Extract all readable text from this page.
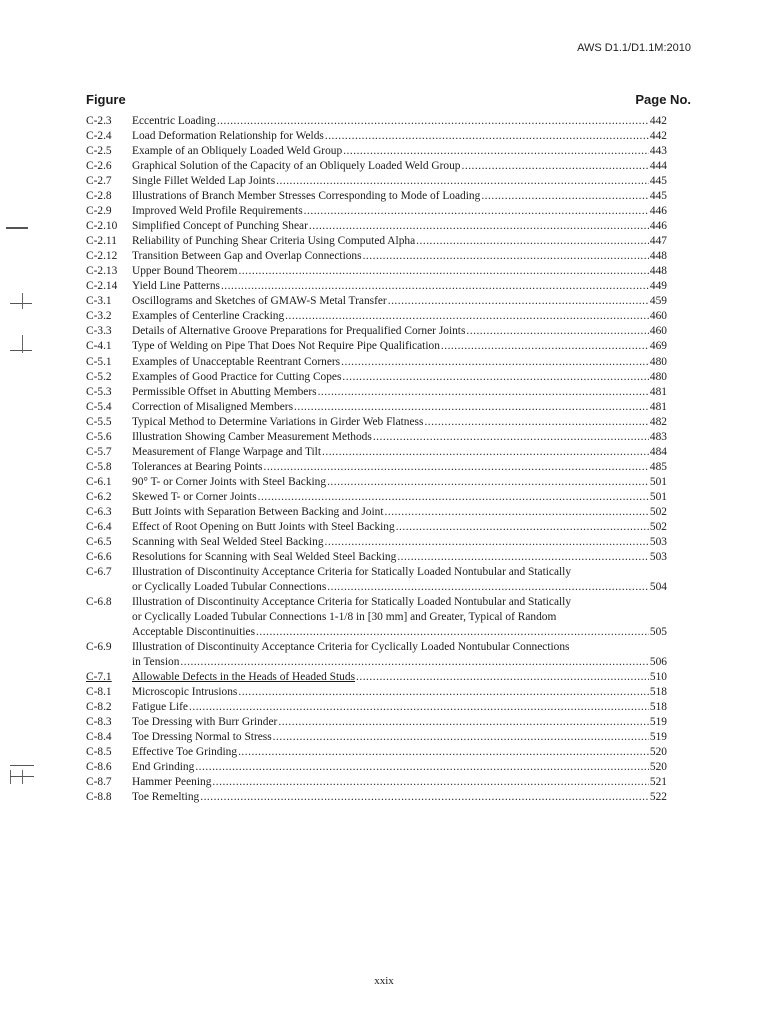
AWS D1.1/D1.1M:2010
Figure	Page No.
C-2.3	Eccentric Loading .....	442
C-2.4	Load Deformation Relationship for Welds .....	442
C-2.5	Example of an Obliquely Loaded Weld Group .....	443
C-2.6	Graphical Solution of the Capacity of an Obliquely Loaded Weld Group .....	444
C-2.7	Single Fillet Welded Lap Joints .....	445
C-2.8	Illustrations of Branch Member Stresses Corresponding to Mode of Loading .....	445
C-2.9	Improved Weld Profile Requirements .....	446
C-2.10	Simplified Concept of Punching Shear .....	446
C-2.11	Reliability of Punching Shear Criteria Using Computed Alpha .....	447
C-2.12	Transition Between Gap and Overlap Connections .....	448
C-2.13	Upper Bound Theorem .....	448
C-2.14	Yield Line Patterns .....	449
C-3.1	Oscillograms and Sketches of GMAW-S Metal Transfer .....	459
C-3.2	Examples of Centerline Cracking .....	460
C-3.3	Details of Alternative Groove Preparations for Prequalified Corner Joints .....	460
C-4.1	Type of Welding on Pipe That Does Not Require Pipe Qualification .....	469
C-5.1	Examples of Unacceptable Reentrant Corners .....	480
C-5.2	Examples of Good Practice for Cutting Copes .....	480
C-5.3	Permissible Offset in Abutting Members .....	481
C-5.4	Correction of Misaligned Members .....	481
C-5.5	Typical Method to Determine Variations in Girder Web Flatness .....	482
C-5.6	Illustration Showing Camber Measurement Methods .....	483
C-5.7	Measurement of Flange Warpage and Tilt .....	484
C-5.8	Tolerances at Bearing Points .....	485
C-6.1	90° T- or Corner Joints with Steel Backing .....	501
C-6.2	Skewed T- or Corner Joints .....	501
C-6.3	Butt Joints with Separation Between Backing and Joint .....	502
C-6.4	Effect of Root Opening on Butt Joints with Steel Backing .....	502
C-6.5	Scanning with Seal Welded Steel Backing .....	503
C-6.6	Resolutions for Scanning with Seal Welded Steel Backing .....	503
C-6.7	Illustration of Discontinuity Acceptance Criteria for Statically Loaded Nontubular and Statically
or Cyclically Loaded Tubular Connections .....	504
C-6.8	Illustration of Discontinuity Acceptance Criteria for Statically Loaded Nontubular and Statically
or Cyclically Loaded Tubular Connections 1-1/8 in [30 mm] and Greater, Typical of Random
Acceptable Discontinuities .....	505
C-6.9	Illustration of Discontinuity Acceptance Criteria for Cyclically Loaded Nontubular Connections
in Tension .....	506
C-7.1	Allowable Defects in the Heads of Headed Studs .....	510
C-8.1	Microscopic Intrusions .....	518
C-8.2	Fatigue Life .....	518
C-8.3	Toe Dressing with Burr Grinder .....	519
C-8.4	Toe Dressing Normal to Stress .....	519
C-8.5	Effective Toe Grinding .....	520
C-8.6	End Grinding .....	520
C-8.7	Hammer Peening .....	521
C-8.8	Toe Remelting .....	522
xxix
